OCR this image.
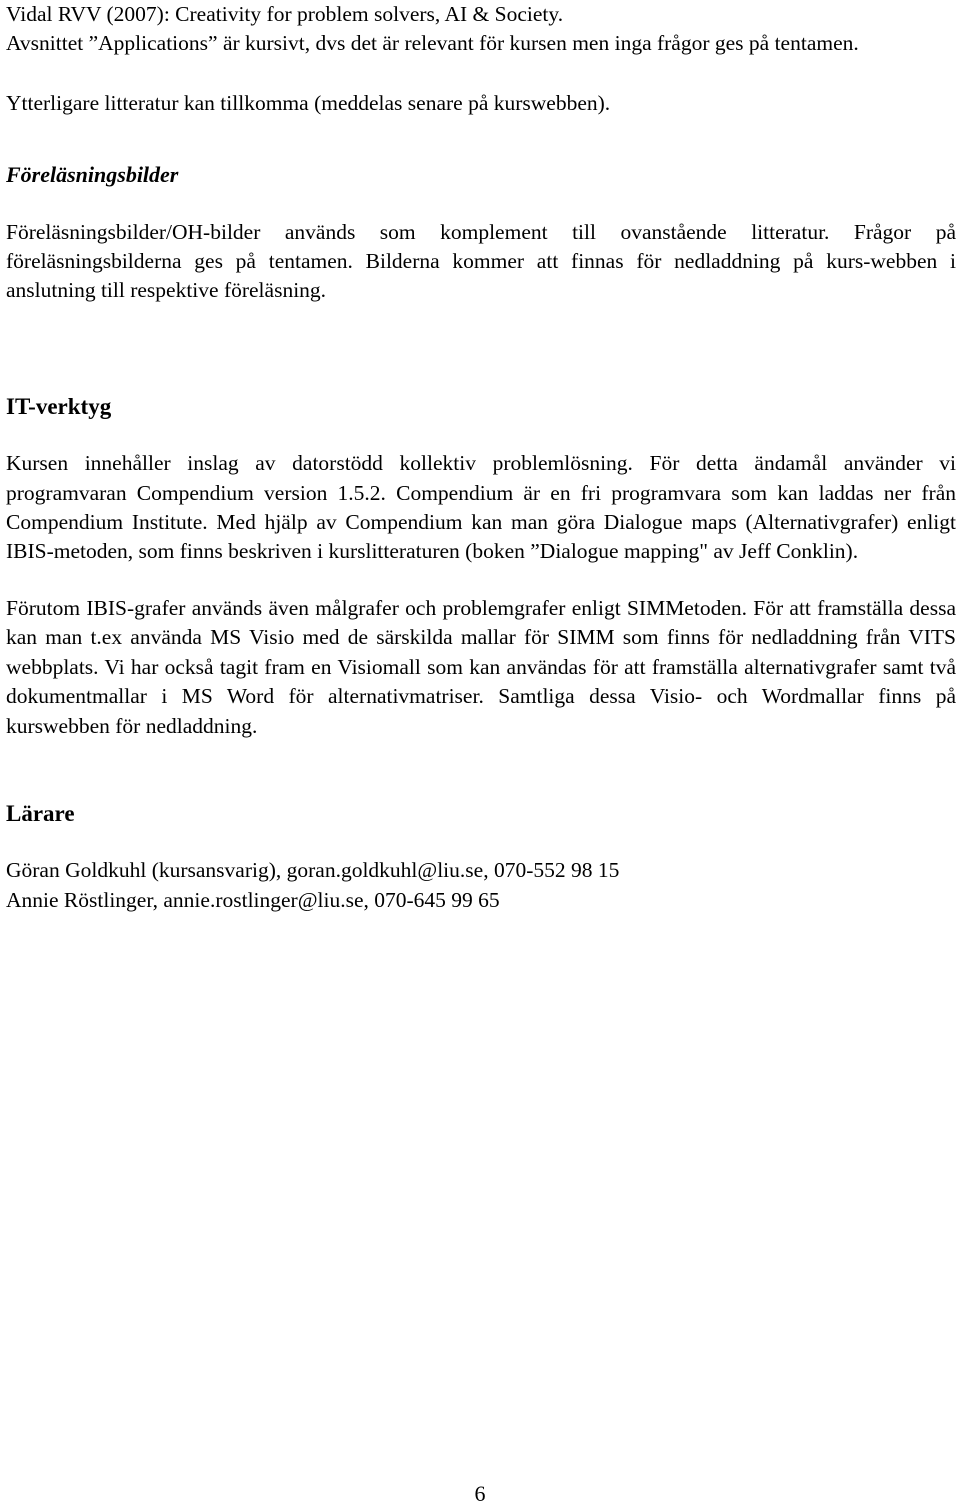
Vidal RVV (2007): Creativity for problem solvers, AI & Society.

Avsnittet ”Applications” är kursivt, dvs det är relevant för kursen men inga frågor ges på tentamen.

Ytterligare litteratur kan tillkomma (meddelas senare på kurswebben).

Föreläsningsbilder

Föreläsningsbilder/OH-bilder används som komplement till ovanstående litteratur. Frågor på föreläsningsbilderna ges på tentamen. Bilderna kommer att finnas för nedladdning på kurs-webben i anslutning till respektive föreläsning.

IT-verktyg

Kursen innehåller inslag av datorstödd kollektiv problemlösning. För detta ändamål använder vi programvaran Compendium version 1.5.2. Compendium är en fri programvara som kan laddas ner från Compendium Institute. Med hjälp av Compendium kan man göra Dialogue maps (Alternativgrafer) enligt IBIS-metoden, som finns beskriven i kurslitteraturen (boken ”Dialogue mapping" av Jeff Conklin).

Förutom IBIS-grafer används även målgrafer och problemgrafer enligt SIMMetoden. För att framställa dessa kan man t.ex använda MS Visio med de särskilda mallar för SIMM som finns för nedladdning från VITS webbplats. Vi har också tagit fram en Visiomall som kan användas för att framställa alternativgrafer samt två dokumentmallar i MS Word för alternativmatriser. Samtliga dessa Visio- och Wordmallar finns på kurswebben för nedladdning.

Lärare

Göran Goldkuhl (kursansvarig), goran.goldkuhl@liu.se, 070-552 98 15

Annie Röstlinger, annie.rostlinger@liu.se, 070-645 99 65

6
